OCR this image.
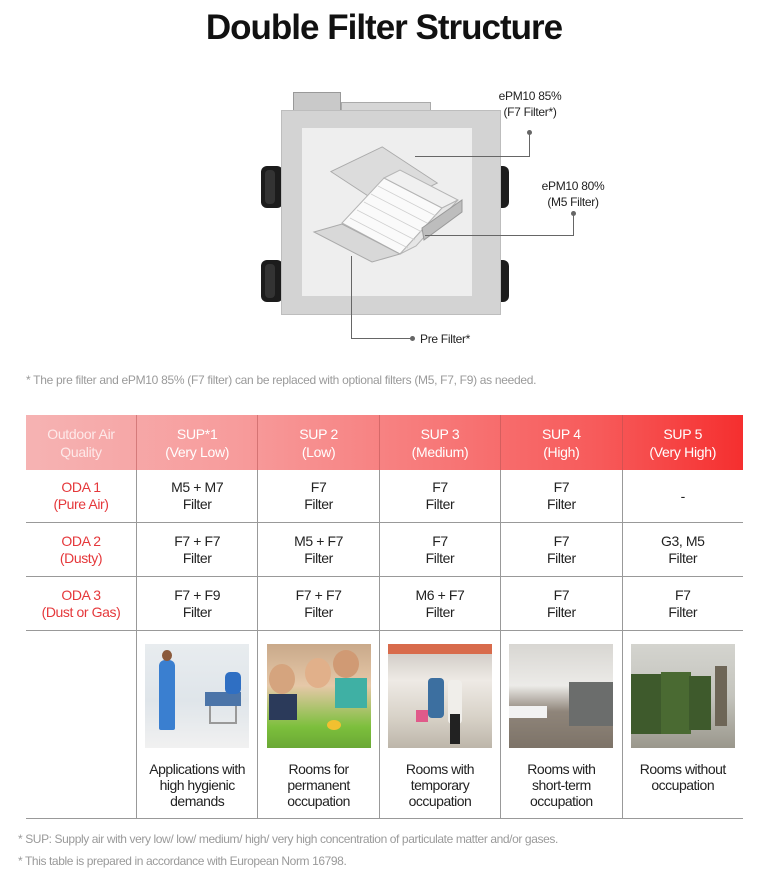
Double Filter Structure
ePM10 85%
(F7 Filter*)
ePM10 80%
(M5 Filter)
Pre Filter*
* The pre filter and ePM10 85% (F7 filter) can be replaced with optional filters (M5, F7, F9) as needed.
Outdoor Air
Quality
SUP*1
(Very Low)
SUP 2
(Low)
SUP 3
(Medium)
SUP 4
(High)
SUP 5
(Very High)
ODA 1
(Pure Air)
M5 + M7
Filter
F7
Filter
F7
Filter
F7
Filter
-
ODA 2
(Dusty)
F7 + F7
Filter
M5 + F7
Filter
F7
Filter
F7
Filter
G3, M5
Filter
ODA 3
(Dust or Gas)
F7 + F9
Filter
F7 + F7
Filter
M6 + F7
Filter
F7
Filter
F7
Filter
Applications with
high hygienic
demands
Rooms for
permanent
occupation
Rooms with
temporary
occupation
Rooms with
short-term
occupation
Rooms without
occupation
* SUP: Supply air with very low/ low/ medium/ high/ very high concentration of particulate matter and/or gases.
* This table is prepared in accordance with European Norm 16798.
